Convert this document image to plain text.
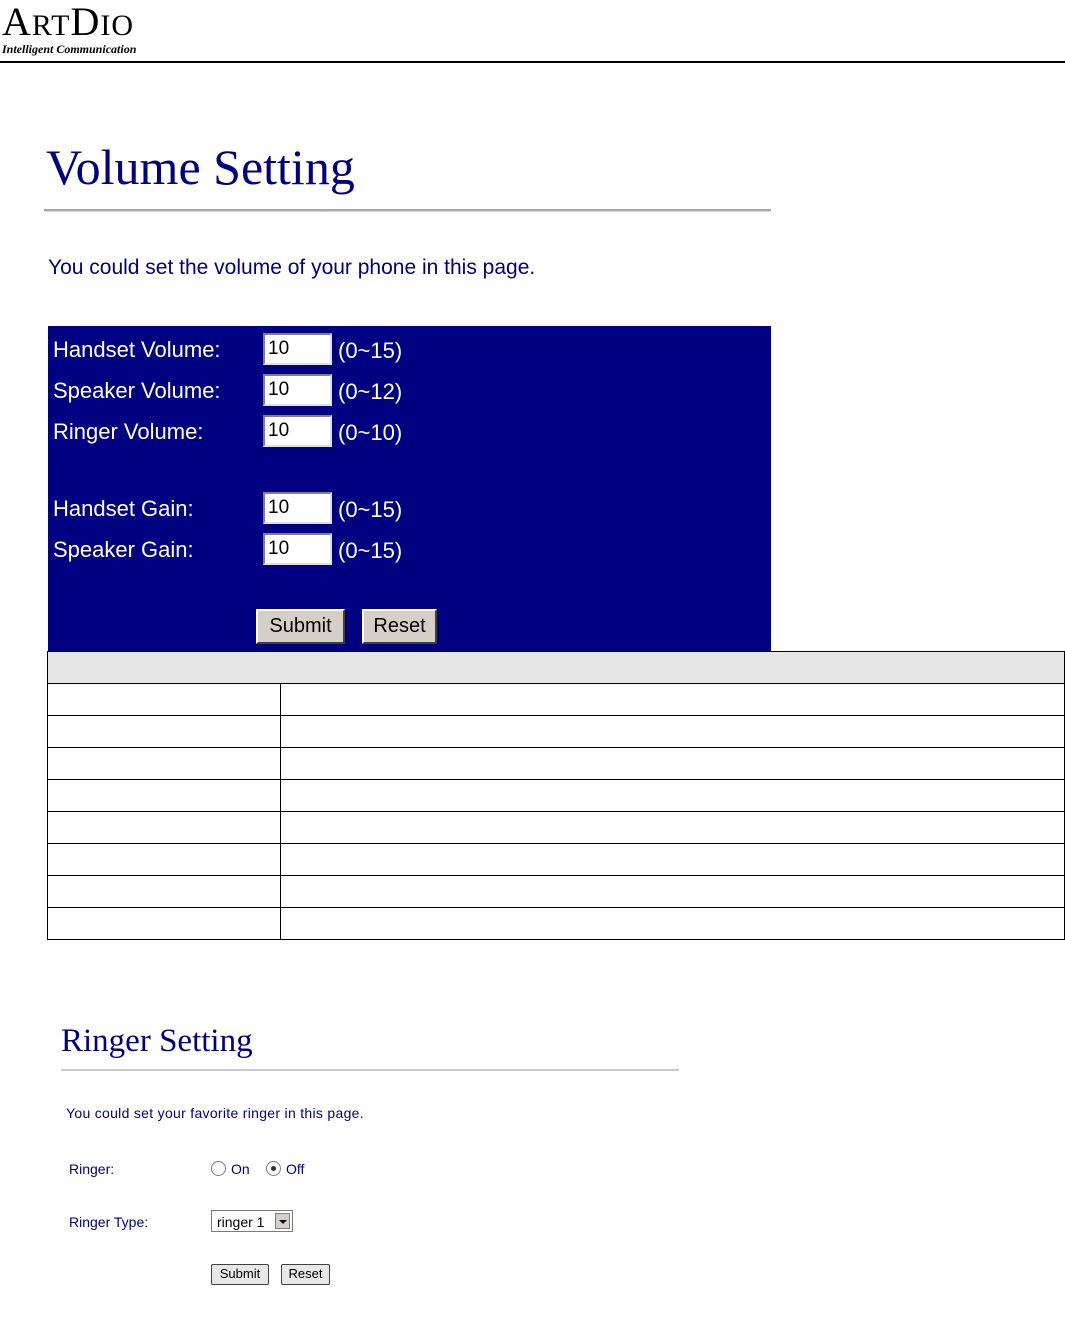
ARTDIO
Intelligent Communication
Volume Setting
You could set the volume of your phone in this page.
Handset Volume:
10	(0~15)
Speaker Volume:
10	(0~12)
Ringer Volume:
10	(0~10)
Handset Gain:
10	(0~15)
Speaker Gain:
10	(0~15)
Submit	Reset

Ringer Setting
You could set your favorite ringer in this page.
Ringer:	On	Off
Ringer Type:	ringer 1
Submit	Reset
